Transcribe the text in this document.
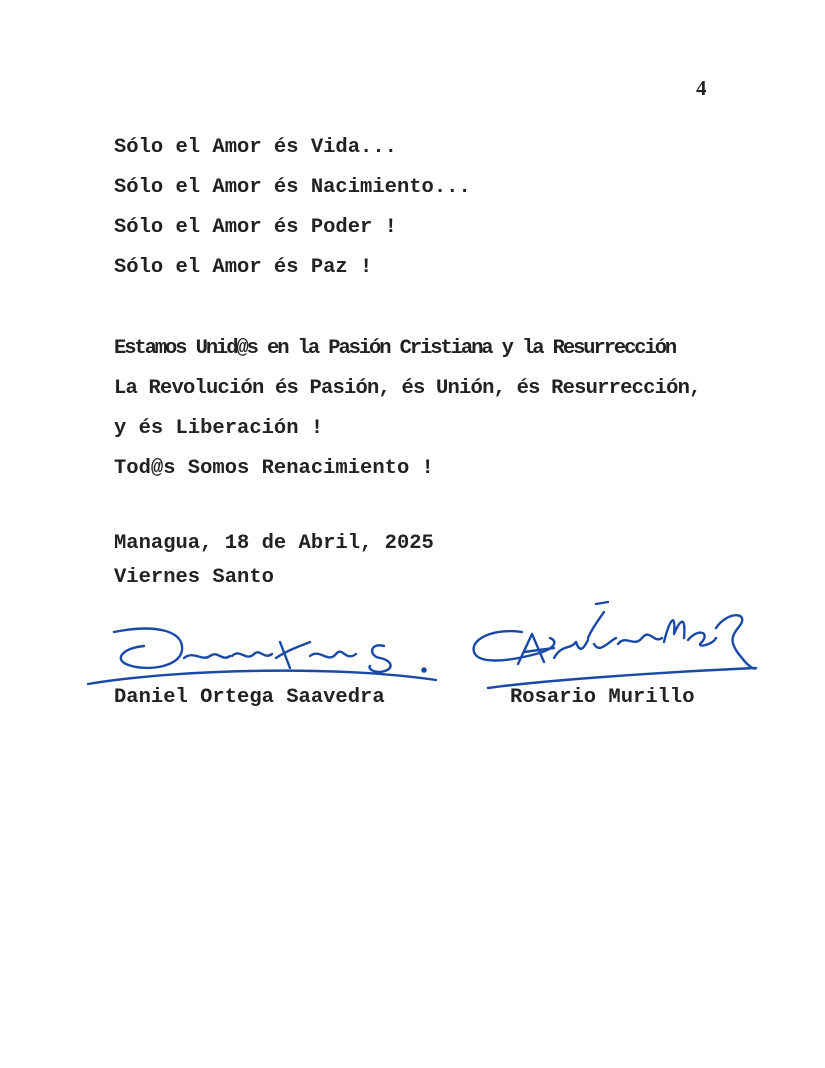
4
Sólo el Amor és Vida...
Sólo el Amor és Nacimiento...
Sólo el Amor és Poder !
Sólo el Amor és Paz !
Estamos Unid@s en la Pasión Cristiana y la Resurrección
La Revolución és Pasión, és Unión, és Resurrección,
y és Liberación !
Tod@s Somos Renacimiento !
Managua, 18 de Abril, 2025
Viernes Santo
Daniel Ortega Saavedra	Rosario Murillo
